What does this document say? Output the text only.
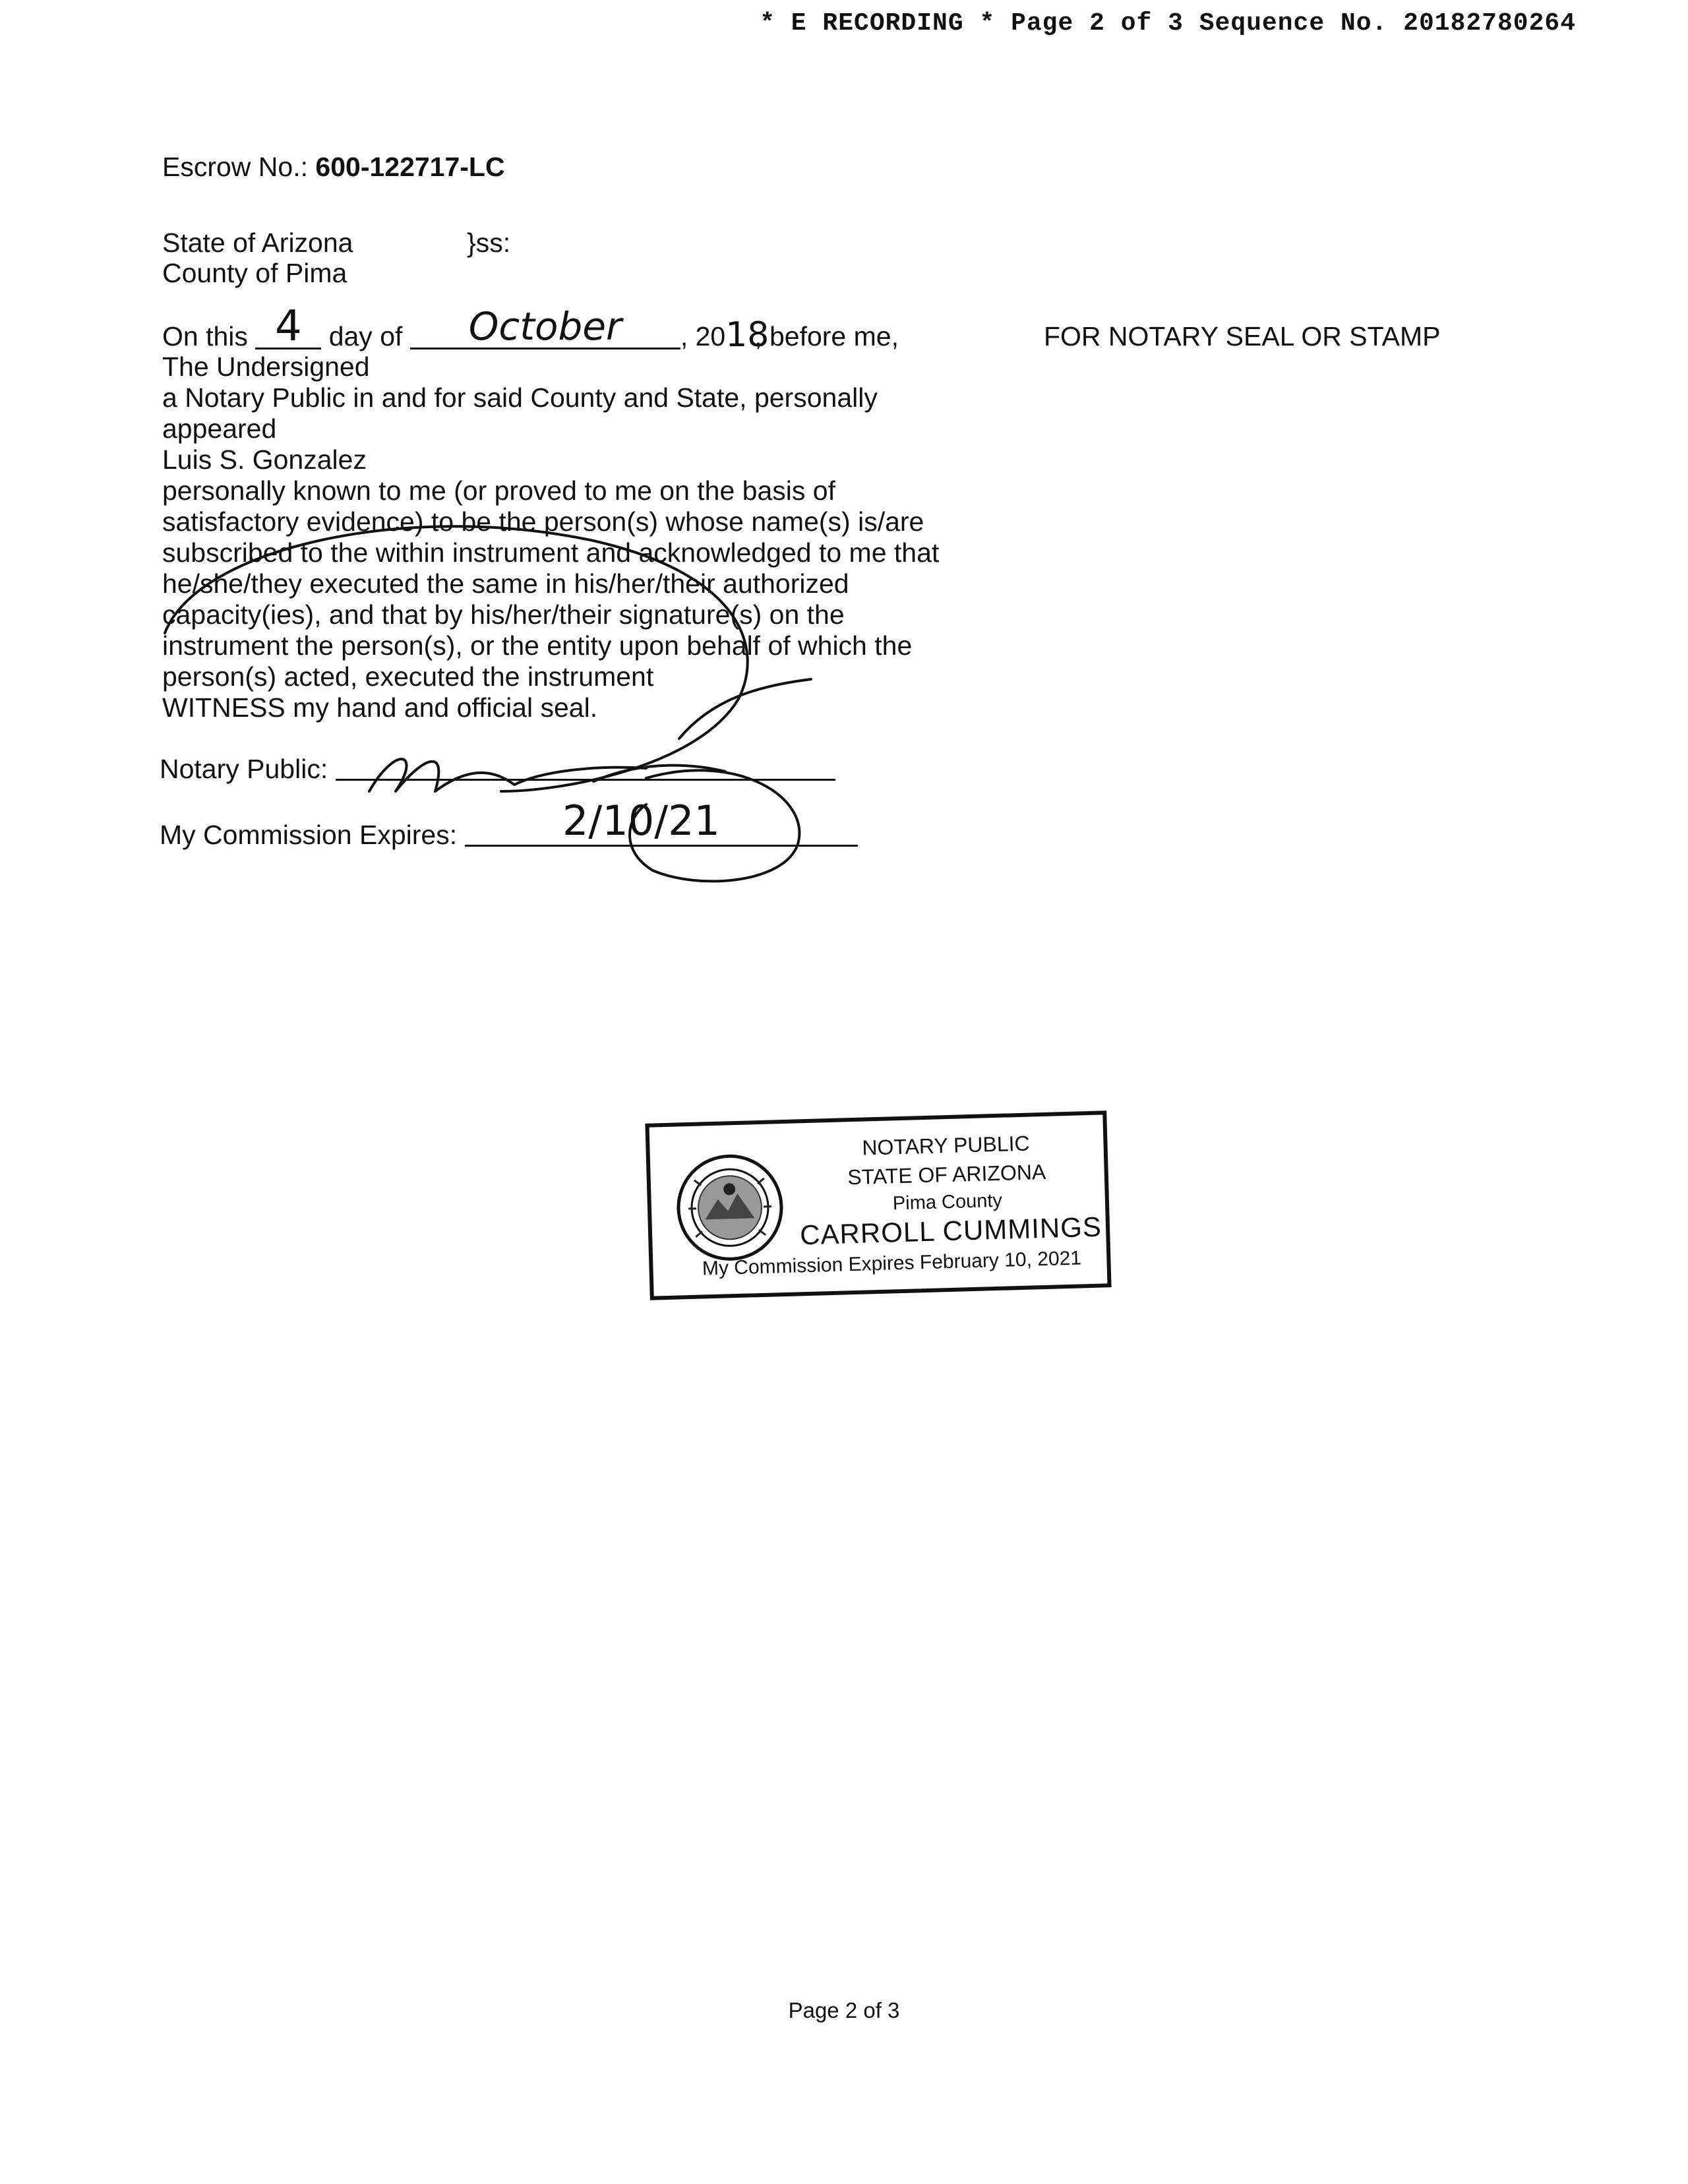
* E RECORDING * Page 2 of 3 Sequence No. 20182780264
Escrow No.: 600-122717-LC
State of Arizona	}ss:
County of Pima
On this 4	day of	October	, 20 18
, before me,	FOR NOTARY SEAL OR STAMP
The Undersigned
a Notary Public in and for said County and State, personally
appeared
Luis S. Gonzalez
personally known to me (or proved to me on the basis of
satisfactory evidence) to be the person(s) whose name(s) is/are
subscribed to the within instrument and acknowledged to me that
he/she/they executed the same in his/her/their authorized
capacity(ies), and that by his/her/their signature(s) on the
instrument the person(s), or the entity upon behalf of which the
person(s) acted, executed the instrument
WITNESS my hand and official seal.
Notary Public:
My Commission Expires:	2/10/21
NOTARY PUBLIC
STATE OF ARIZONA
Pima County
CARROLL CUMMINGS
My Commission Expires February 10, 2021
Page 2 of 3
